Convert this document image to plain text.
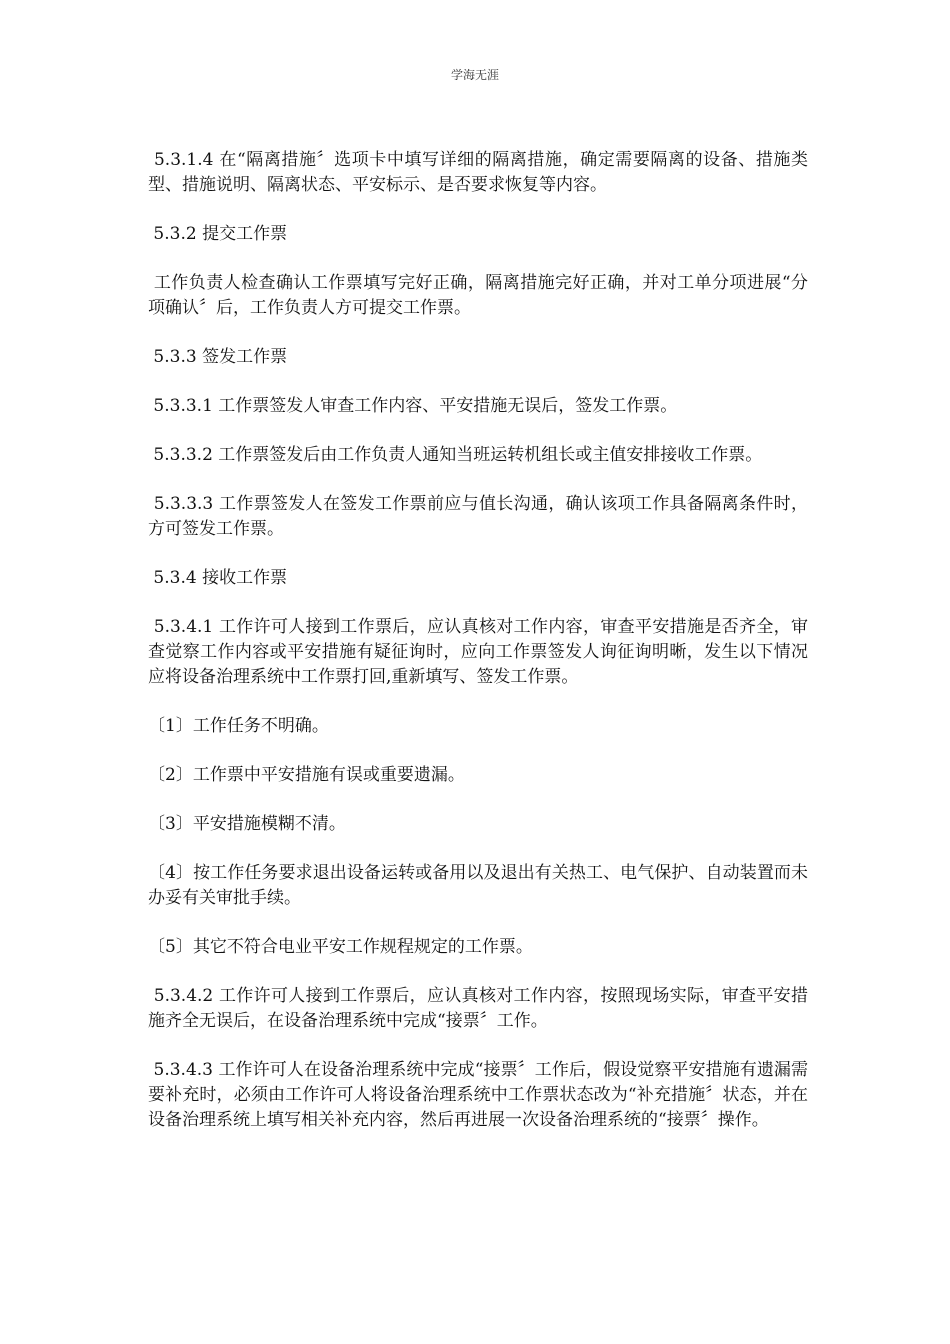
学海无涯

5.3.1.4 在“隔离措施〞选项卡中填写详细的隔离措施，确定需要隔离的设备、措施类型、措施说明、隔离状态、平安标示、是否要求恢复等内容。

5.3.2 提交工作票

工作负责人检查确认工作票填写完好正确，隔离措施完好正确，并对工单分项进展“分项确认〞后，工作负责人方可提交工作票。

5.3.3 签发工作票

5.3.3.1 工作票签发人审查工作内容、平安措施无误后，签发工作票。

5.3.3.2 工作票签发后由工作负责人通知当班运转机组长或主值安排接收工作票。

5.3.3.3 工作票签发人在签发工作票前应与值长沟通，确认该项工作具备隔离条件时，方可签发工作票。

5.3.4 接收工作票

5.3.4.1 工作许可人接到工作票后，应认真核对工作内容，审查平安措施是否齐全，审查觉察工作内容或平安措施有疑征询时，应向工作票签发人询征询明晰，发生以下情况应将设备治理系统中工作票打回,重新填写、签发工作票。

〔1〕工作任务不明确。

〔2〕工作票中平安措施有误或重要遗漏。

〔3〕平安措施模糊不清。

〔4〕按工作任务要求退出设备运转或备用以及退出有关热工、电气保护、自动装置而未办妥有关审批手续。

〔5〕其它不符合电业平安工作规程规定的工作票。

5.3.4.2 工作许可人接到工作票后，应认真核对工作内容，按照现场实际，审查平安措施齐全无误后，在设备治理系统中完成“接票〞工作。

5.3.4.3 工作许可人在设备治理系统中完成“接票〞工作后，假设觉察平安措施有遗漏需要补充时，必须由工作许可人将设备治理系统中工作票状态改为“补充措施〞状态，并在设备治理系统上填写相关补充内容，然后再进展一次设备治理系统的“接票〞操作。
